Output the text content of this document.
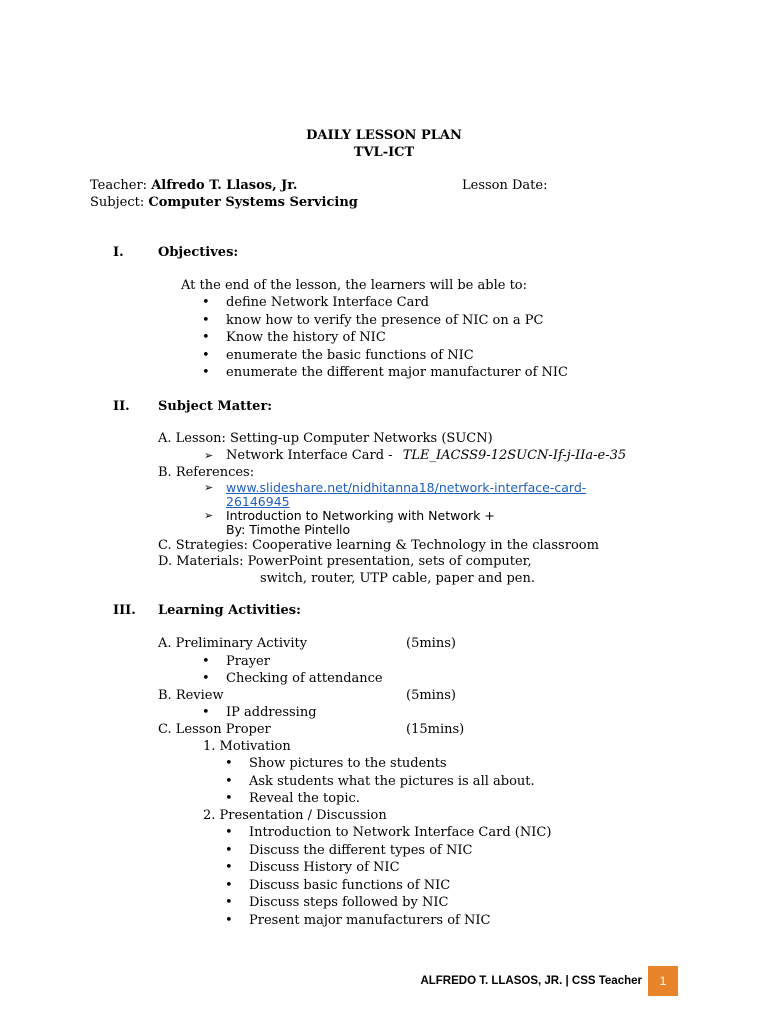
DAILY LESSON PLAN
TVL-ICT
Teacher: Alfredo T. Llasos, Jr.	Lesson Date:
Subject: Computer Systems Servicing
I.	Objectives:
At the end of the lesson, the learners will be able to:
• define Network Interface Card
• know how to verify the presence of NIC on a PC
• Know the history of NIC
• enumerate the basic functions of NIC
• enumerate the different major manufacturer of NIC
II. Subject Matter:
A. Lesson: Setting-up Computer Networks (SUCN)
➢ Network Interface Card - TLE_IACSS9-12SUCN-If-j-IIa-e-35
B. References:
➢ www.slideshare.net/nidhitanna18/network-interface-card-
26146945
➢ Introduction to Networking with Network +
By: Timothe Pintello
C. Strategies: Cooperative learning & Technology in the classroom
D. Materials: PowerPoint presentation, sets of computer,
switch, router, UTP cable, paper and pen.
III. Learning Activities:
A. Preliminary Activity	(5mins)
• Prayer
• Checking of attendance
B. Review	(5mins)
• IP addressing
C. Lesson Proper	(15mins)
1. Motivation
• Show pictures to the students
• Ask students what the pictures is all about.
• Reveal the topic.
2. Presentation / Discussion
• Introduction to Network Interface Card (NIC)
• Discuss the different types of NIC
• Discuss History of NIC
• Discuss basic functions of NIC
• Discuss steps followed by NIC
• Present major manufacturers of NIC
ALFREDO T. LLASOS, JR. | CSS Teacher	1
